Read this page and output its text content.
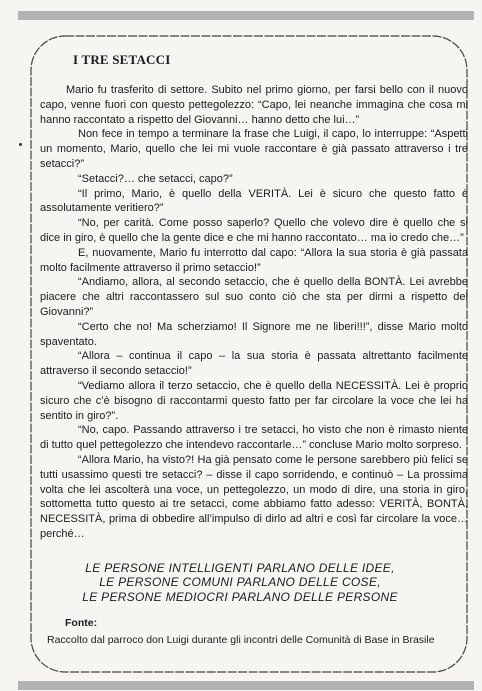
I TRE SETACCI

Mario fu trasferito di settore. Subito nel primo giorno, per farsi bello con il nuovo capo, venne fuori con questo pettegolezzo: “Capo, lei neanche immagina che cosa mi hanno raccontato a rispetto del Giovanni… hanno detto che lui…”

Non fece in tempo a terminare la frase che Luigi, il capo, lo interruppe: “Aspetti un momento, Mario, quello che lei mi vuole raccontare è già passato attraverso i tre setacci?”

“Setacci?… che setacci, capo?”

“Il primo, Mario, è quello della VERITÀ. Lei è sicuro che questo fatto è assolutamente veritiero?”

“No, per carità. Come posso saperlo? Quello che volevo dire è quello che si dice in giro, è quello che la gente dice e che mi hanno raccontato… ma io credo che…”

E, nuovamente, Mario fu interrotto dal capo: “Allora la sua storia è già passata molto facilmente attraverso il primo setaccio!”

“Andiamo, allora, al secondo setaccio, che è quello della BONTÀ. Lei avrebbe piacere che altri raccontassero sul suo conto ciò che sta per dirmi a rispetto del Giovanni?”

“Certo che no! Ma scherziamo! Il Signore me ne liberi!!!”, disse Mario molto spaventato.

“Allora – continua il capo – la sua storia è passata altrettanto facilmente attraverso il secondo setaccio!”

“Vediamo allora il terzo setaccio, che è quello della NECESSITÀ. Lei è proprio sicuro che c’è bisogno di raccontarmi questo fatto per far circolare la voce che lei ha sentito in giro?”.

“No, capo. Passando attraverso i tre setacci, ho visto che non è rimasto niente di tutto quel pettegolezzo che intendevo raccontarle…” concluse Mario molto sorpreso.

“Allora Mario, ha visto?! Ha già pensato come le persone sarebbero più felici se tutti usassimo questi tre setacci? – disse il capo sorridendo, e continuò – La prossima volta che lei ascolterà una voce, un pettegolezzo, un modo di dire, una storia in giro, sottometta tutto questo ai tre setacci, come abbiamo fatto adesso: VERITÀ, BONTÀ, NECESSITÀ, prima di obbedire all’impulso di dirlo ad altri e così far circolare la voce… perché…

LE PERSONE INTELLIGENTI PARLANO DELLE IDEE,
LE PERSONE COMUNI PARLANO DELLE COSE,
LE PERSONE MEDIOCRI PARLANO DELLE PERSONE
Fonte:
Raccolto dal parroco don Luigi durante gli incontri delle Comunità di Base in Brasile
